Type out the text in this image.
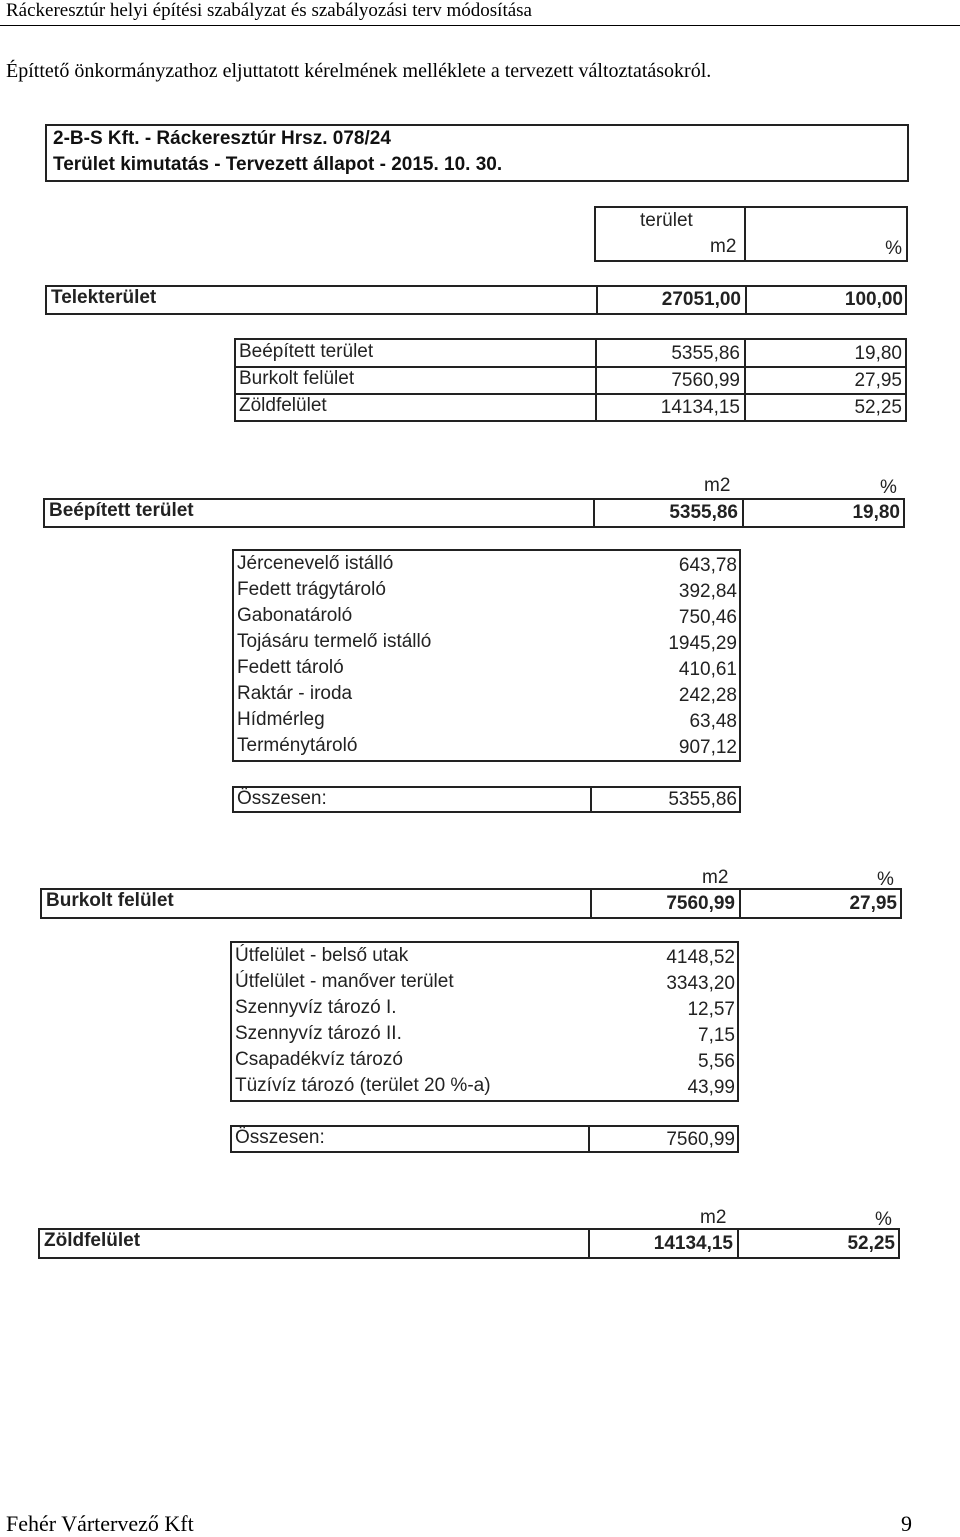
Ráckeresztúr helyi építési szabályzat és szabályozási terv módosítása
Építtető önkormányzathoz eljuttatott kérelmének melléklete a tervezett változtatásokról.
2-B-S Kft. - Ráckeresztúr Hrsz. 078/24
Terület kimutatás - Tervezett állapot - 2015. 10. 30.
terület
m2	%
Telekterület	27051,00	100,00
Beépített terület	5355,86	19,80
Burkolt felület	7560,99	27,95
Zöldfelület	14134,15	52,25
m2	%
Beépített terület	5355,86	19,80
Jércenevelő istálló	643,78
Fedett trágytároló	392,84
Gabonatároló	750,46
Tojásáru termelő istálló	1945,29
Fedett tároló	410,61
Raktár - iroda	242,28
Hídmérleg	63,48
Terménytároló	907,12
Összesen:	5355,86
m2	%
Burkolt felület	7560,99	27,95
Útfelület - belső utak	4148,52
Útfelület - manőver terület	3343,20
Szennyvíz tározó I.	12,57
Szennyvíz tározó II.	7,15
Csapadékvíz tározó	5,56
Tüzívíz tározó (terület 20 %-a)	43,99
Összesen:	7560,99
m2	%
Zöldfelület	14134,15	52,25
Fehér Vártervező Kft	9
